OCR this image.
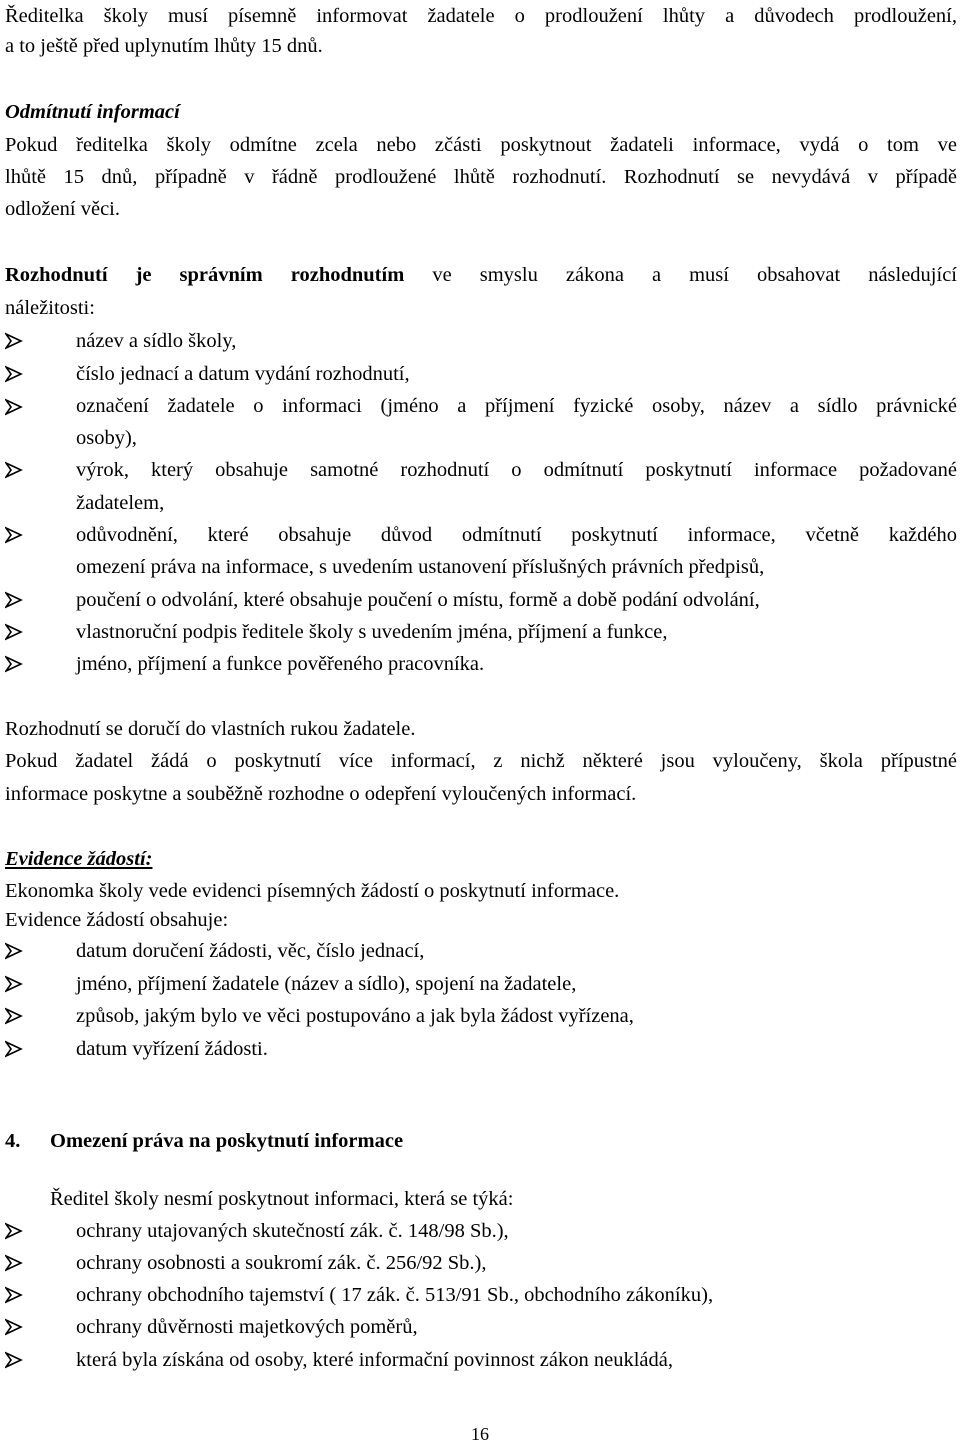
Ředitelka školy musí písemně informovat žadatele o prodloužení lhůty a důvodech prodloužení,
a to ještě před uplynutím lhůty 15 dnů.
Odmítnutí informací
Pokud ředitelka školy odmítne zcela nebo zčásti poskytnout žadateli informace, vydá o tom ve
lhůtě 15 dnů, případně v řádně prodloužené lhůtě rozhodnutí. Rozhodnutí se nevydává v případě
odložení věci.
Rozhodnutí je správním rozhodnutím ve smyslu zákona a musí obsahovat následující
náležitosti:
název a sídlo školy,
číslo jednací a datum vydání rozhodnutí,
označení žadatele o informaci (jméno a příjmení fyzické osoby, název a sídlo právnické
osoby),
výrok, který obsahuje samotné rozhodnutí o odmítnutí poskytnutí informace požadované
žadatelem,
odůvodnění, které obsahuje důvod odmítnutí poskytnutí informace, včetně každého
omezení práva na informace, s uvedením ustanovení příslušných právních předpisů,
poučení o odvolání, které obsahuje poučení o místu, formě a době podání odvolání,
vlastnoruční podpis ředitele školy s uvedením jména, příjmení a funkce,
jméno, příjmení a funkce pověřeného pracovníka.
Rozhodnutí se doručí do vlastních rukou žadatele.
Pokud žadatel žádá o poskytnutí více informací, z nichž některé jsou vyloučeny, škola přípustné
informace poskytne a souběžně rozhodne o odepření vyloučených informací.
Evidence žádostí:
Ekonomka školy vede evidenci písemných žádostí o poskytnutí informace.
Evidence žádostí obsahuje:
datum doručení žádosti, věc, číslo jednací,
jméno, příjmení žadatele (název a sídlo), spojení na žadatele,
způsob, jakým bylo ve věci postupováno a jak byla žádost vyřízena,
datum vyřízení žádosti.
4. Omezení práva na poskytnutí informace
Ředitel školy nesmí poskytnout informaci, která se týká:
ochrany utajovaných skutečností zák. č. 148/98 Sb.),
ochrany osobnosti a soukromí zák. č. 256/92 Sb.),
ochrany obchodního tajemství ( 17 zák. č. 513/91 Sb., obchodního zákoníku),
ochrany důvěrnosti majetkových poměrů,
která byla získána od osoby, které informační povinnost zákon neukládá,
16
